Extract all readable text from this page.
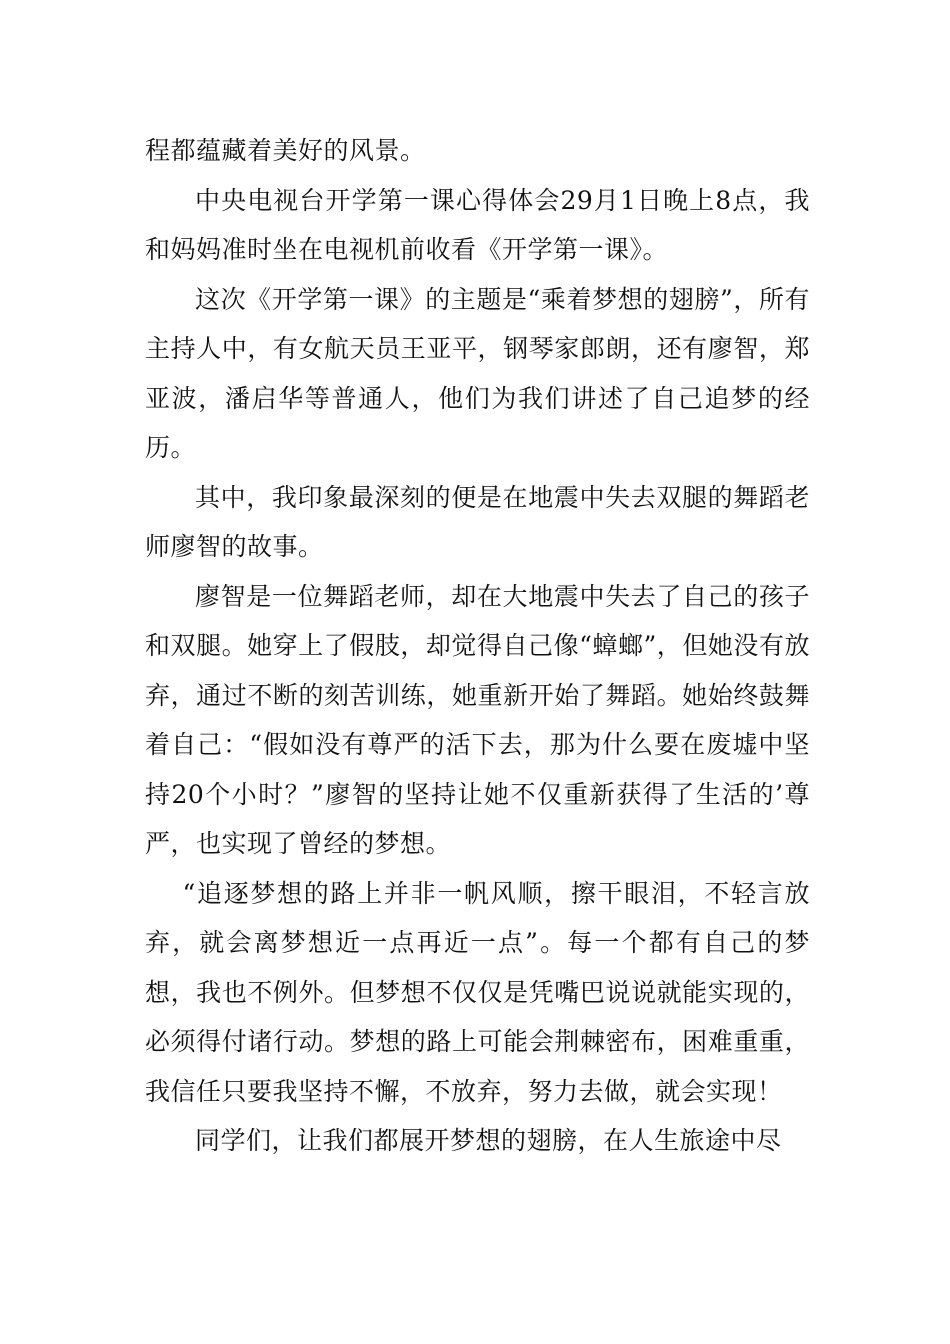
程都蕴藏着美好的风景。

中央电视台开学第一课心得体会29月1日晚上8点，我和妈妈准时坐在电视机前收看《开学第一课》。

这次《开学第一课》的主题是“乘着梦想的翅膀”，所有主持人中，有女航天员王亚平，钢琴家郎朗，还有廖智，郑亚波，潘启华等普通人，他们为我们讲述了自己追梦的经历。

其中，我印象最深刻的便是在地震中失去双腿的舞蹈老师廖智的故事。

廖智是一位舞蹈老师，却在大地震中失去了自己的孩子和双腿。她穿上了假肢，却觉得自己像“蟑螂”，但她没有放弃，通过不断的刻苦训练，她重新开始了舞蹈。她始终鼓舞着自己：“假如没有尊严的活下去，那为什么要在废墟中坚持20个小时？”廖智的坚持让她不仅重新获得了生活的’尊严，也实现了曾经的梦想。

“追逐梦想的路上并非一帆风顺，擦干眼泪，不轻言放弃，就会离梦想近一点再近一点”。每一个都有自己的梦想，我也不例外。但梦想不仅仅是凭嘴巴说说就能实现的，必须得付诸行动。梦想的路上可能会荆棘密布，困难重重，我信任只要我坚持不懈，不放弃，努力去做，就会实现！

同学们，让我们都展开梦想的翅膀，在人生旅途中尽
